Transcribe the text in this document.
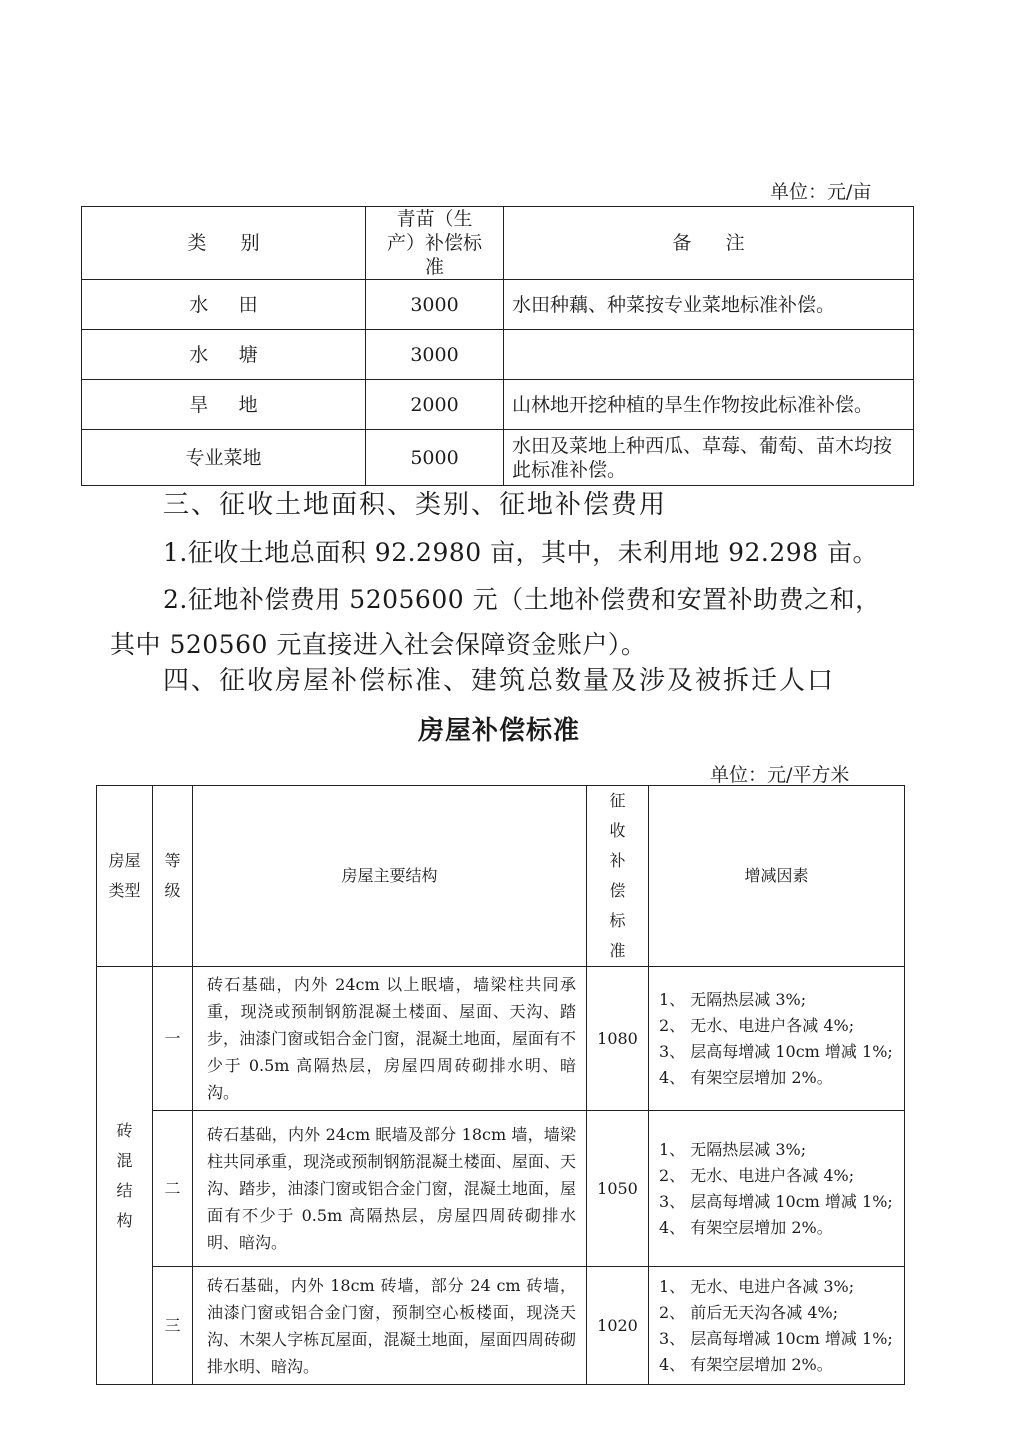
单位：元/亩
类别	青苗（生产）补偿标准	备注
水田	3000	水田种藕、种菜按专业菜地标准补偿。
水塘	3000	
旱地	2000	山林地开挖种植的旱生作物按此标准补偿。
专业菜地	5000	水田及菜地上种西瓜、草莓、葡萄、苗木均按此标准补偿。
三、征收土地面积、类别、征地补偿费用
1.征收土地总面积 92.2980 亩，其中，未利用地 92.298 亩。
2.征地补偿费用 5205600 元（土地补偿费和安置补助费之和，
其中 520560 元直接进入社会保障资金账户）。
四、征收房屋补偿标准、建筑总数量及涉及被拆迁人口
房屋补偿标准
单位：元/平方米
房屋类型	等级	房屋主要结构	征收补偿标准	增减因素
砖混结构	一	砖石基础，内外 24cm 以上眠墙，墙梁柱共同承重，现浇或预制钢筋混凝土楼面、屋面、天沟、踏步，油漆门窗或铝合金门窗，混凝土地面，屋面有不少于 0.5m 高隔热层，房屋四周砖砌排水明、暗沟。	1080	1、 无隔热层减 3%;
2、 无水、电进户各减 4%;
3、 层高每增减 10cm 增减 1%;
4、 有架空层增加 2%。

	二	砖石基础，内外 24cm 眠墙及部分 18cm 墙，墙梁柱共同承重，现浇或预制钢筋混凝土楼面、屋面、天沟、踏步，油漆门窗或铝合金门窗，混凝土地面，屋面有不少于 0.5m 高隔热层，房屋四周砖砌排水明、暗沟。	1050	1、 无隔热层减 3%;
2、 无水、电进户各减 4%;
3、 层高每增减 10cm 增减 1%;
4、 有架空层增加 2%。

	三	砖石基础，内外 18cm 砖墙，部分 24 cm 砖墙，油漆门窗或铝合金门窗，预制空心板楼面，现浇天沟、木架人字栋瓦屋面，混凝土地面，屋面四周砖砌排水明、暗沟。	1020	1、 无水、电进户各减 3%;
2、 前后无天沟各减 4%;
3、 层高每增减 10cm 增减 1%;
4、 有架空层增加 2%。
